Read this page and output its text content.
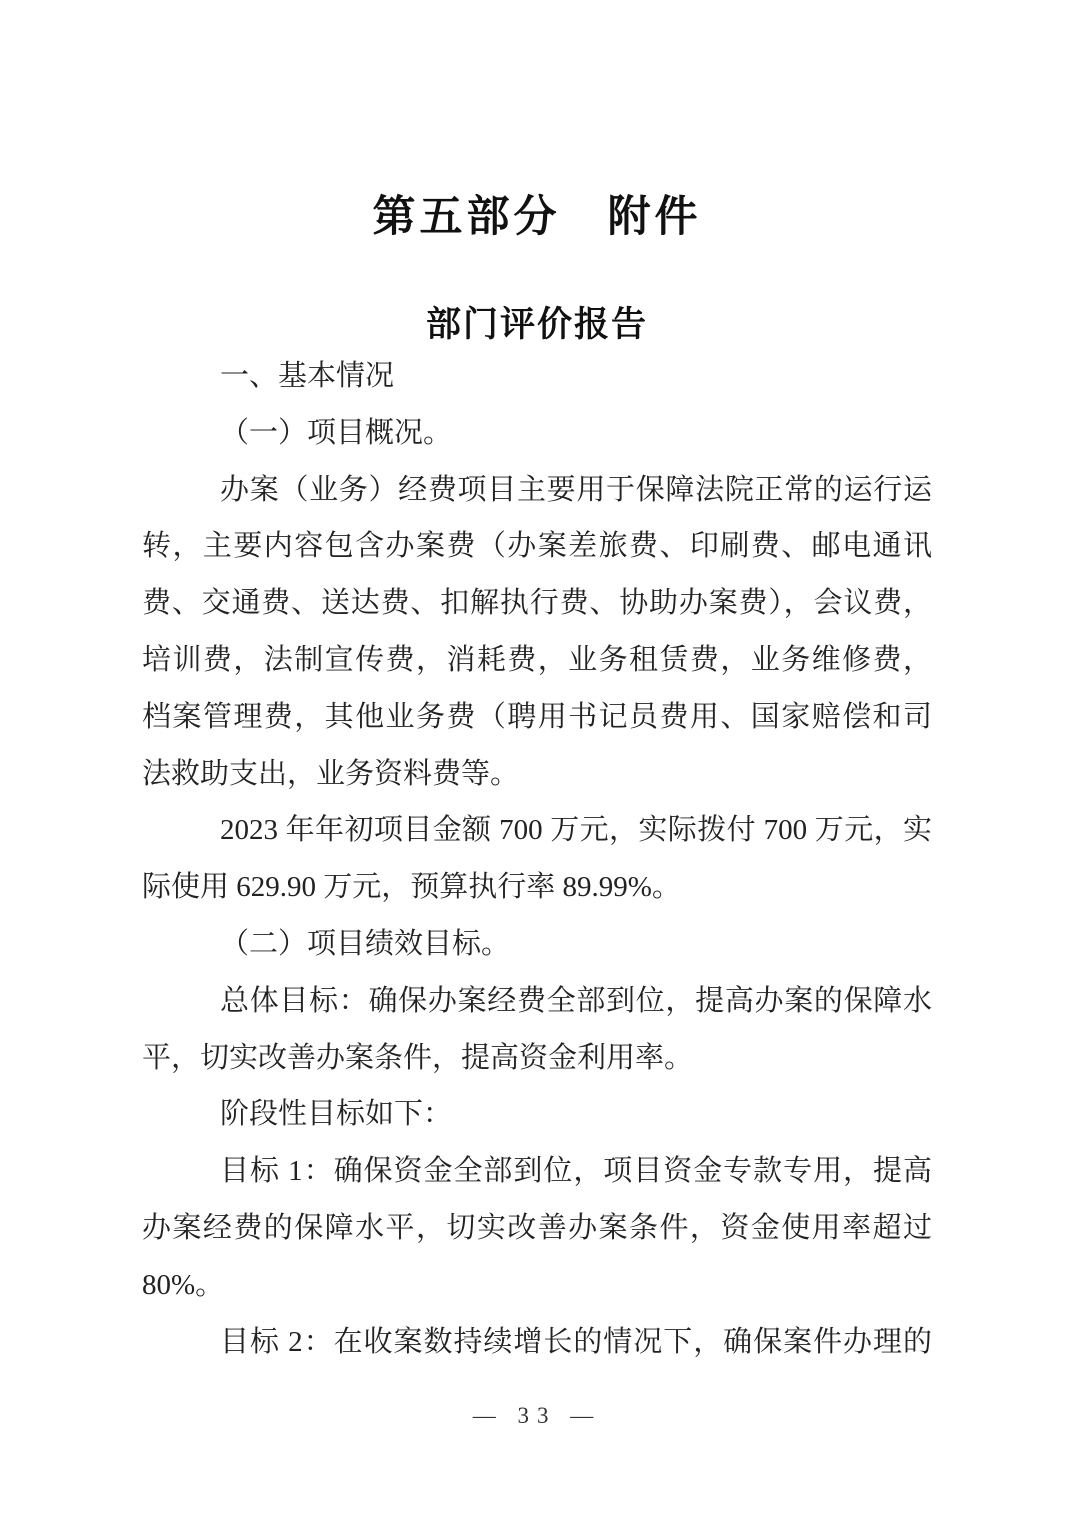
第五部分　附件
部门评价报告
一、基本情况
（一）项目概况。
办案（业务）经费项目主要用于保障法院正常的运行运
转，主要内容包含办案费（办案差旅费、印刷费、邮电通讯
费、交通费、送达费、扣解执行费、协助办案费），会议费，
培训费，法制宣传费，消耗费，业务租赁费，业务维修费，
档案管理费，其他业务费（聘用书记员费用、国家赔偿和司
法救助支出，业务资料费等。
2023 年年初项目金额 700 万元，实际拨付 700 万元，实
际使用 629.90 万元，预算执行率 89.99%。
（二）项目绩效目标。
总体目标：确保办案经费全部到位，提高办案的保障水
平，切实改善办案条件，提高资金利用率。
阶段性目标如下：
目标 1：确保资金全部到位，项目资金专款专用，提高
办案经费的保障水平，切实改善办案条件，资金使用率超过
80%。
目标 2：在收案数持续增长的情况下，确保案件办理的
— 33 —
